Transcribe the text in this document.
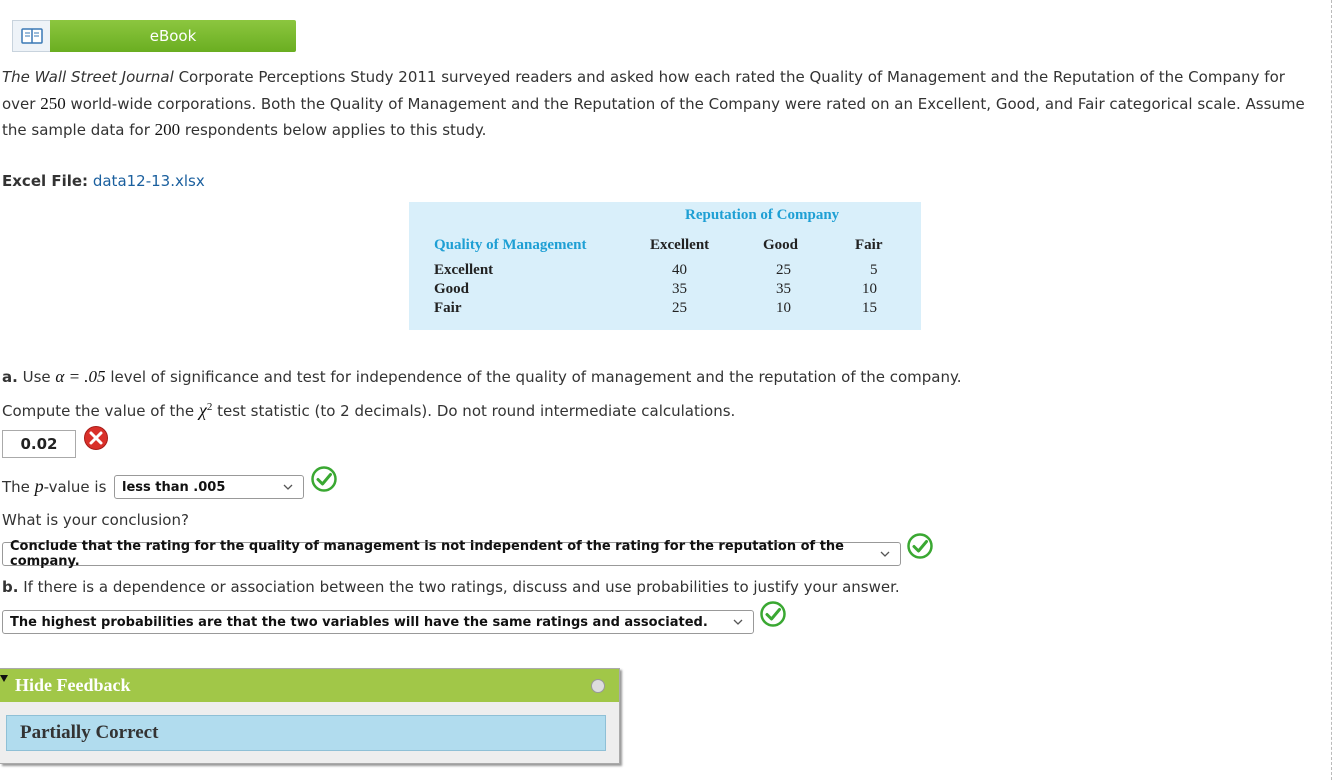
eBook
The Wall Street Journal Corporate Perceptions Study 2011 surveyed readers and asked how each rated the Quality of Management and the Reputation of the Company for over 250 world-wide corporations. Both the Quality of Management and the Reputation of the Company were rated on an Excellent, Good, and Fair categorical scale. Assume the sample data for 200 respondents below applies to this study.
Excel File: data12-13.xlsx
Reputation of Company
Quality of Management	Excellent	Good	Fair
Excellent	40	25	5
Good	35	35	10
Fair	25	10	15
a. Use α = .05 level of significance and test for independence of the quality of management and the reputation of the company.
Compute the value of the $\chi^2$ test statistic (to 2 decimals). Do not round intermediate calculations.
0.02
The p-value is less than .005
What is your conclusion?
Conclude that the rating for the quality of management is not independent of the rating for the reputation of the company.
b. If there is a dependence or association between the two ratings, discuss and use probabilities to justify your answer.
The highest probabilities are that the two variables will have the same ratings and associated.
Hide Feedback
Partially Correct
